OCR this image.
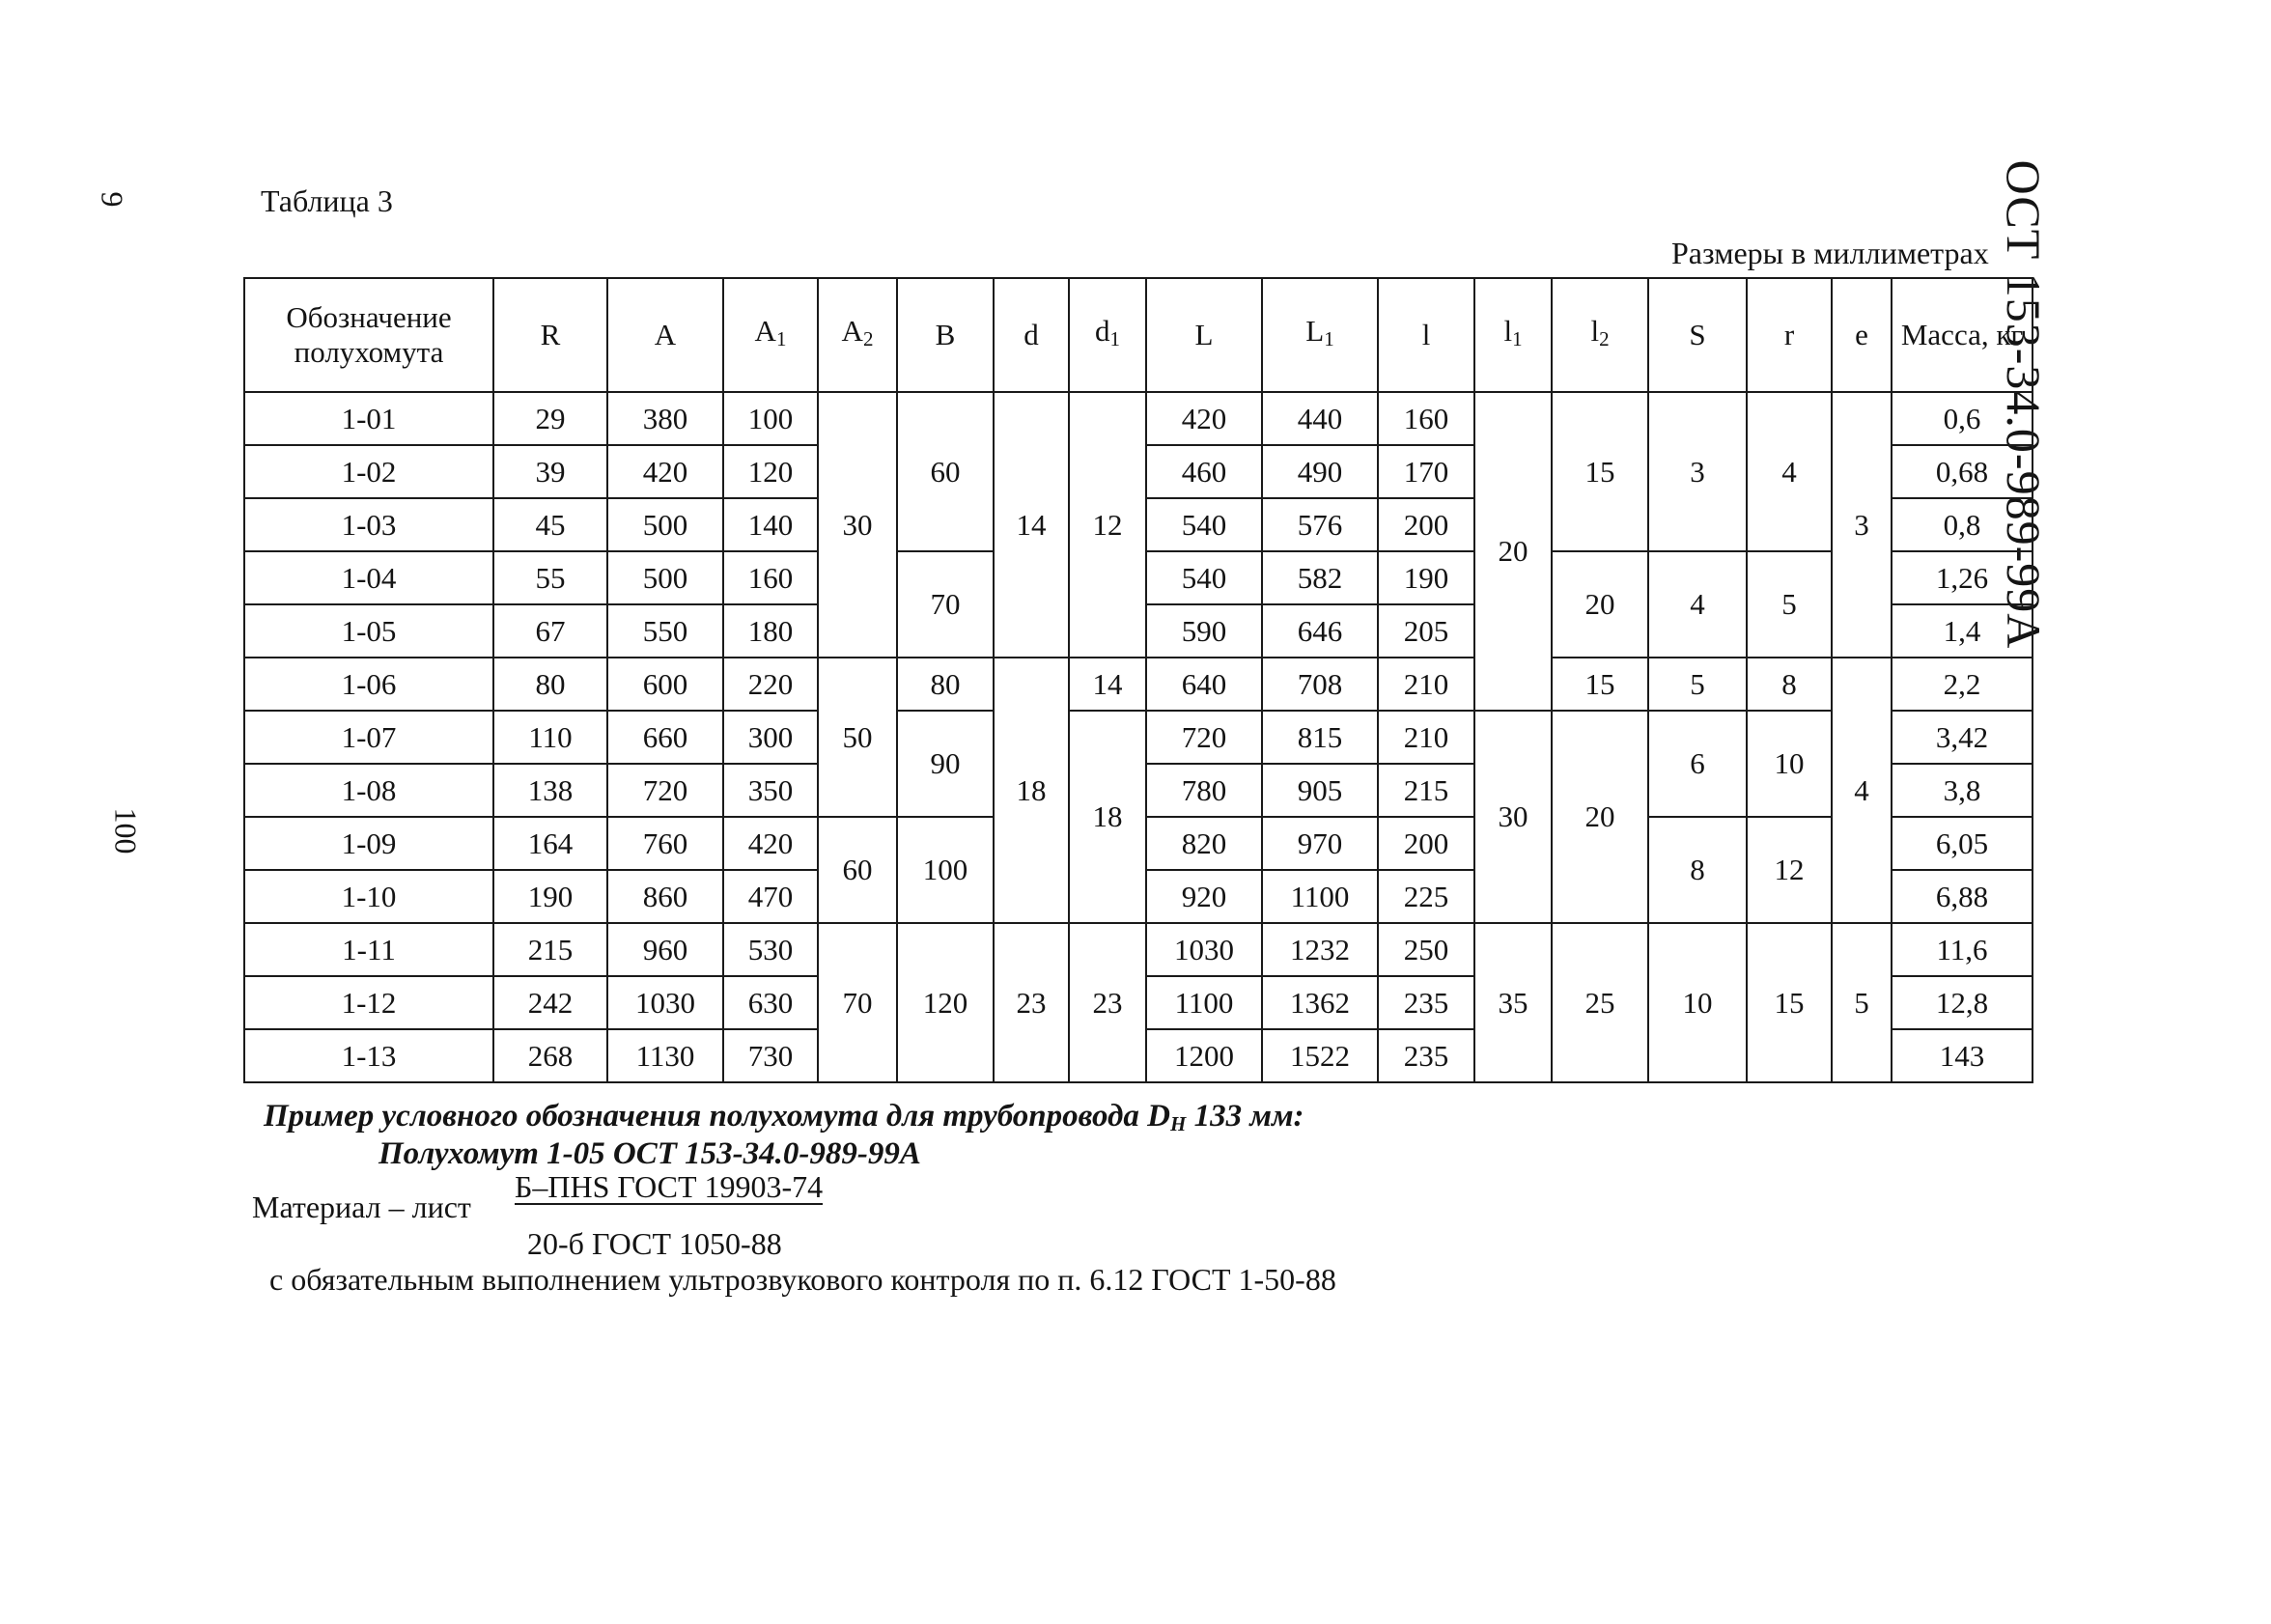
9
100
ОСТ 153-34.0-989-99А
Таблица 3
Размеры в миллиметрах
Обозначение полухомута	R	A	$A_1$	$A_2$	B	d	$d_1$	L	$L_1$	l	$l_1$	$l_2$	S	r	e	Масса, кг
1-01	29	380	100	30	60	14	12	420	440	160	20	15	3	4	3	0,6
1-02	39	420	120					460	490	170						0,68
1-03	45	500	140					540	576	200						0,8
1-04	55	500	160		70			540	582	190		20	4	5		1,26
1-05	67	550	180					590	646	205						1,4
1-06	80	600	220	50	80	18	14	640	708	210		15	5	8	4	2,2
1-07	110	660	300		90		18	720	815	210	30	20	6	10		3,42
1-08	138	720	350					780	905	215						3,8
1-09	164	760	420	60	100			820	970	200			8	12		6,05
1-10	190	860	470					920	1100	225						6,88
1-11	215	960	530	70	120	23	23	1030	1232	250	35	25	10	15	5	11,6
1-12	242	1030	630					1100	1362	235						12,8
1-13	268	1130	730					1200	1522	235						143
Пример условного обозначения полухомута для трубопровода $D_H$ 133 мм:
Полухомут 1-05 ОСТ 153-34.0-989-99А
Материал – лист
Б–ПНS ГОСТ 19903-74
20-б ГОСТ 1050-88
с обязательным выполнением ультрозвукового контроля по п. 6.12 ГОСТ 1-50-88
